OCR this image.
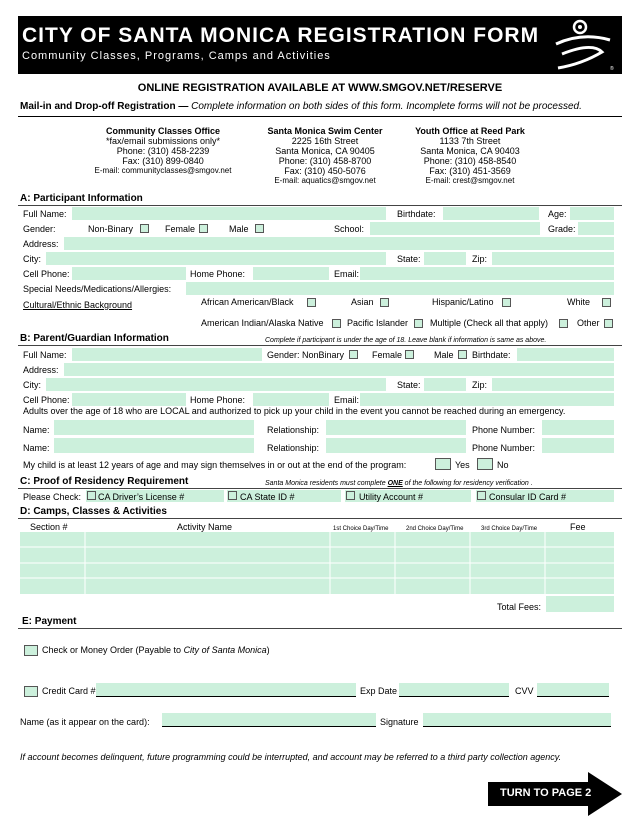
CITY OF SANTA MONICA REGISTRATION FORM
Community Classes, Programs, Camps and Activities
®
ONLINE REGISTRATION AVAILABLE AT WWW.SMGOV.NET/RESERVE
Mail-in and Drop-off Registration — Complete information on both sides of this form. Incomplete forms will not be processed.
Community Classes Office
*fax/email submissions only*
Phone: (310) 458-2239
Fax: (310) 899-0840
E-mail: communityclasses@smgov.net
Santa Monica Swim Center
2225 16th Street
Santa Monica, CA 90405
Phone: (310) 458-8700
Fax: (310) 450-5076
E-mail: aquatics@smgov.net
Youth Office at Reed Park
1133 7th Street
Santa Monica, CA 90403
Phone: (310) 458-8540
Fax: (310) 451-3569
E-mail: crest@smgov.net
A: Participant Information
Full Name:	Birthdate:	Age:
Gender:	Non-Binary	Female	Male	School:	Grade:
Address:
City:	State:	Zip:
Cell Phone:	Home Phone:	Email:
Special Needs/Medications/Allergies:
Cultural/Ethnic Background	African American/Black	Asian	Hispanic/Latino	White
American Indian/Alaska Native	Pacific Islander Multiple (Check all that apply)	Other
B: Parent/Guardian Information	Complete if participant is under the age of 18. Leave blank if information is same as above.
Full Name:	Gender: NonBinary	Female	Male Birthdate:
Address:
City:	State:	Zip:
Cell Phone:	Home Phone:	Email:
Adults over the age of 18 who are LOCAL and authorized to pick up your child in the event you cannot be reached during an emergency.
Name:	Relationship:	Phone Number:
Name:	Relationship:	Phone Number:
My child is at least 12 years of age and may sign themselves in or out at the end of the program:	Yes	No
C: Proof of Residency Requirement	Santa Monica residents must complete ONE of the following for residency verification .
Please Check: CA Driver’s License #	CA State ID #	Utility Account #	Consular ID Card #
D: Camps, Classes & Activities
Section #	Activity Name	1st Choice Day/Time	2nd Choice Day/Time	3rd Choice Day/Time	Fee
Total Fees:
E: Payment
Check or Money Order (Payable to City of Santa Monica)
Credit Card #	Exp Date	CVV
Name (as it appear on the card):	Signature
If account becomes delinquent, future programming could be interrupted, and account may be referred to a third party collection agency.
TURN TO PAGE 2
